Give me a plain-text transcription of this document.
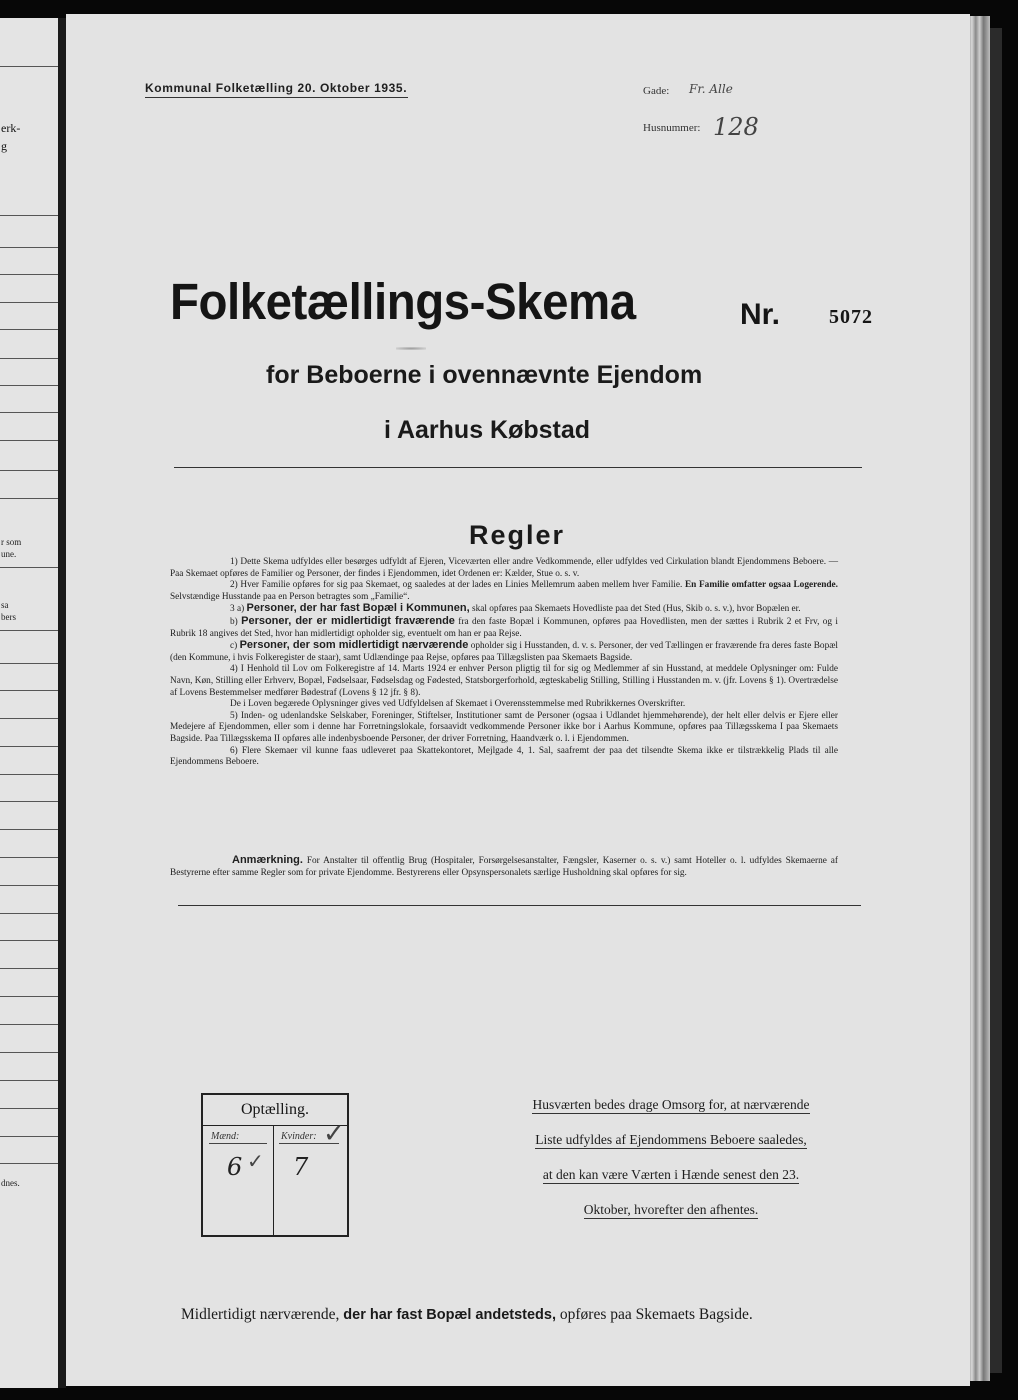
erk-
g
r som
une.
sa
bers
dnes.
Kommunal Folketælling 20. Oktober 1935.	Gade: Fr. Alle
Husnummer: 128
Folketællings-Skema	Nr. 5072
for Beboerne i ovennævnte Ejendom
i Aarhus Købstad
Regler

1) Dette Skema udfyldes eller besørges udfyldt af Ejeren, Viceværten eller andre Vedkommende, eller udfyldes ved Cirkulation blandt Ejendommens Beboere. — Paa Skemaet opføres de Familier og Personer, der findes i Ejendommen, idet Ordenen er: Kælder, Stue o. s. v.

2) Hver Familie opføres for sig paa Skemaet, og saaledes at der lades en Linies Mellemrum aaben mellem hver Familie. En Familie omfatter ogsaa Logerende. Selvstændige Husstande paa en Person betragtes som „Familie“.

3 a) Personer, der har fast Bopæl i Kommunen, skal opføres paa Skemaets Hovedliste paa det Sted (Hus, Skib o. s. v.), hvor Bopælen er.

b) Personer, der er midlertidigt fraværende fra den faste Bopæl i Kommunen, opføres paa Hovedlisten, men der sættes i Rubrik 2 et Frv, og i Rubrik 18 angives det Sted, hvor han midlertidigt opholder sig, eventuelt om han er paa Rejse.

c) Personer, der som midlertidigt nærværende opholder sig i Husstanden, d. v. s. Personer, der ved Tællingen er fraværende fra deres faste Bopæl (den Kommune, i hvis Folkeregister de staar), samt Udlændinge paa Rejse, opføres paa Tillægslisten paa Skemaets Bagside.

4) I Henhold til Lov om Folkeregistre af 14. Marts 1924 er enhver Person pligtig til for sig og Medlemmer af sin Husstand, at meddele Oplysninger om: Fulde Navn, Køn, Stilling eller Erhverv, Bopæl, Fødselsaar, Fødselsdag og Fødested, Statsborgerforhold, ægteskabelig Stilling, Stilling i Husstanden m. v. (jfr. Lovens § 1). Overtrædelse af Lovens Bestemmelser medfører Bødestraf (Lovens § 12 jfr. § 8).

De i Loven begærede Oplysninger gives ved Udfyldelsen af Skemaet i Overensstemmelse med Rubrikkernes Overskrifter.

5) Inden- og udenlandske Selskaber, Foreninger, Stiftelser, Institutioner samt de Personer (ogsaa i Udlandet hjemmehørende), der helt eller delvis er Ejere eller Medejere af Ejendommen, eller som i denne har Forretningslokale, forsaavidt vedkommende Personer ikke bor i Aarhus Kommune, opføres paa Tillægsskema I paa Skemaets Bagside. Paa Tillægsskema II opføres alle indenbysboende Personer, der driver Forretning, Haandværk o. l. i Ejendommen.

6) Flere Skemaer vil kunne faas udleveret paa Skattekontoret, Mejlgade 4, 1. Sal, saafremt der paa det tilsendte Skema ikke er tilstrækkelig Plads til alle Ejendommens Beboere.

Anmærkning. For Anstalter til offentlig Brug (Hospitaler, Forsørgelsesanstalter, Fængsler, Kaserner o. s. v.) samt Hoteller o. l. udfyldes Skemaerne af Bestyrerne efter samme Regler som for private Ejendomme. Bestyrerens eller Opsynspersonalets særlige Husholdning skal opføres for sig.
Optælling.
Mænd:	Kvinder:
6 ✓ 7
✓
Husværten bedes drage Omsorg for, at nærværende
Liste udfyldes af Ejendommens Beboere saaledes,
at den kan være Værten i Hænde senest den 23.
Oktober, hvorefter den afhentes.
Midlertidigt nærværende, der har fast Bopæl andetsteds, opføres paa Skemaets Bagside.
